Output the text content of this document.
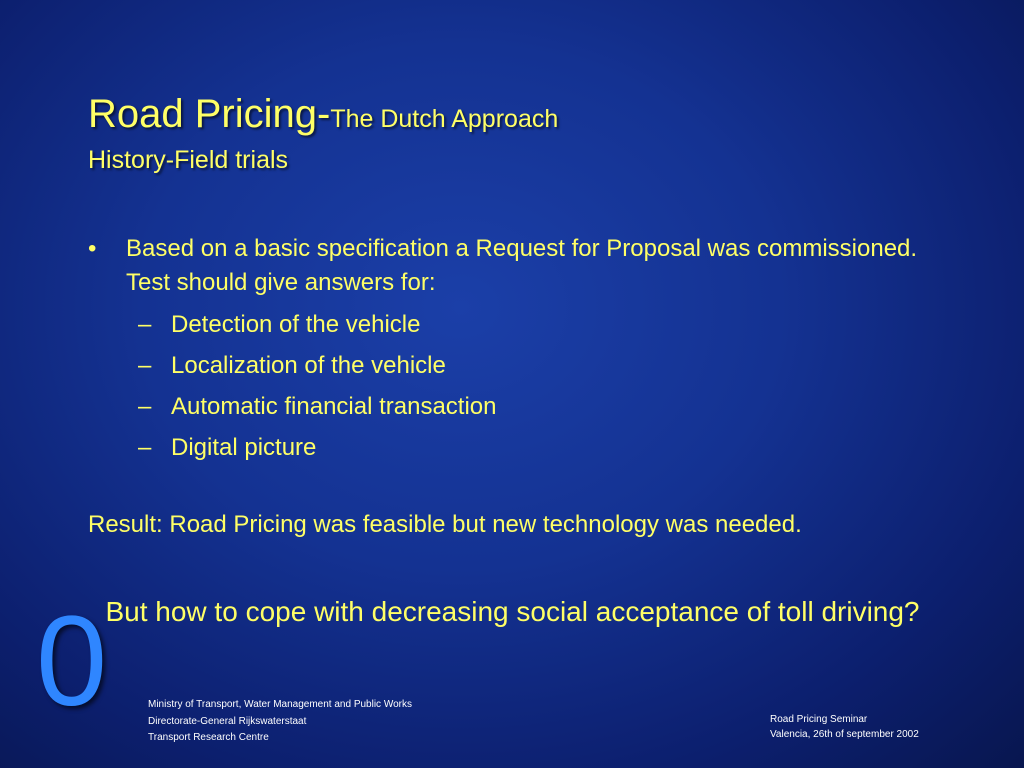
Road Pricing-The Dutch Approach
History-Field trials
• Based on a basic specification a Request for Proposal was commissioned. Test should give answers for:
– Detection of the vehicle
– Localization of the vehicle
– Automatic financial transaction
– Digital picture

Result: Road Pricing was feasible but new technology was needed.

But how to cope with decreasing social acceptance of toll driving?

0	Ministry of Transport, Water Management and Public Works
Directorate-General Rijkswaterstaat
Transport Research Centre
Road Pricing Seminar
Valencia, 26th of september 2002
